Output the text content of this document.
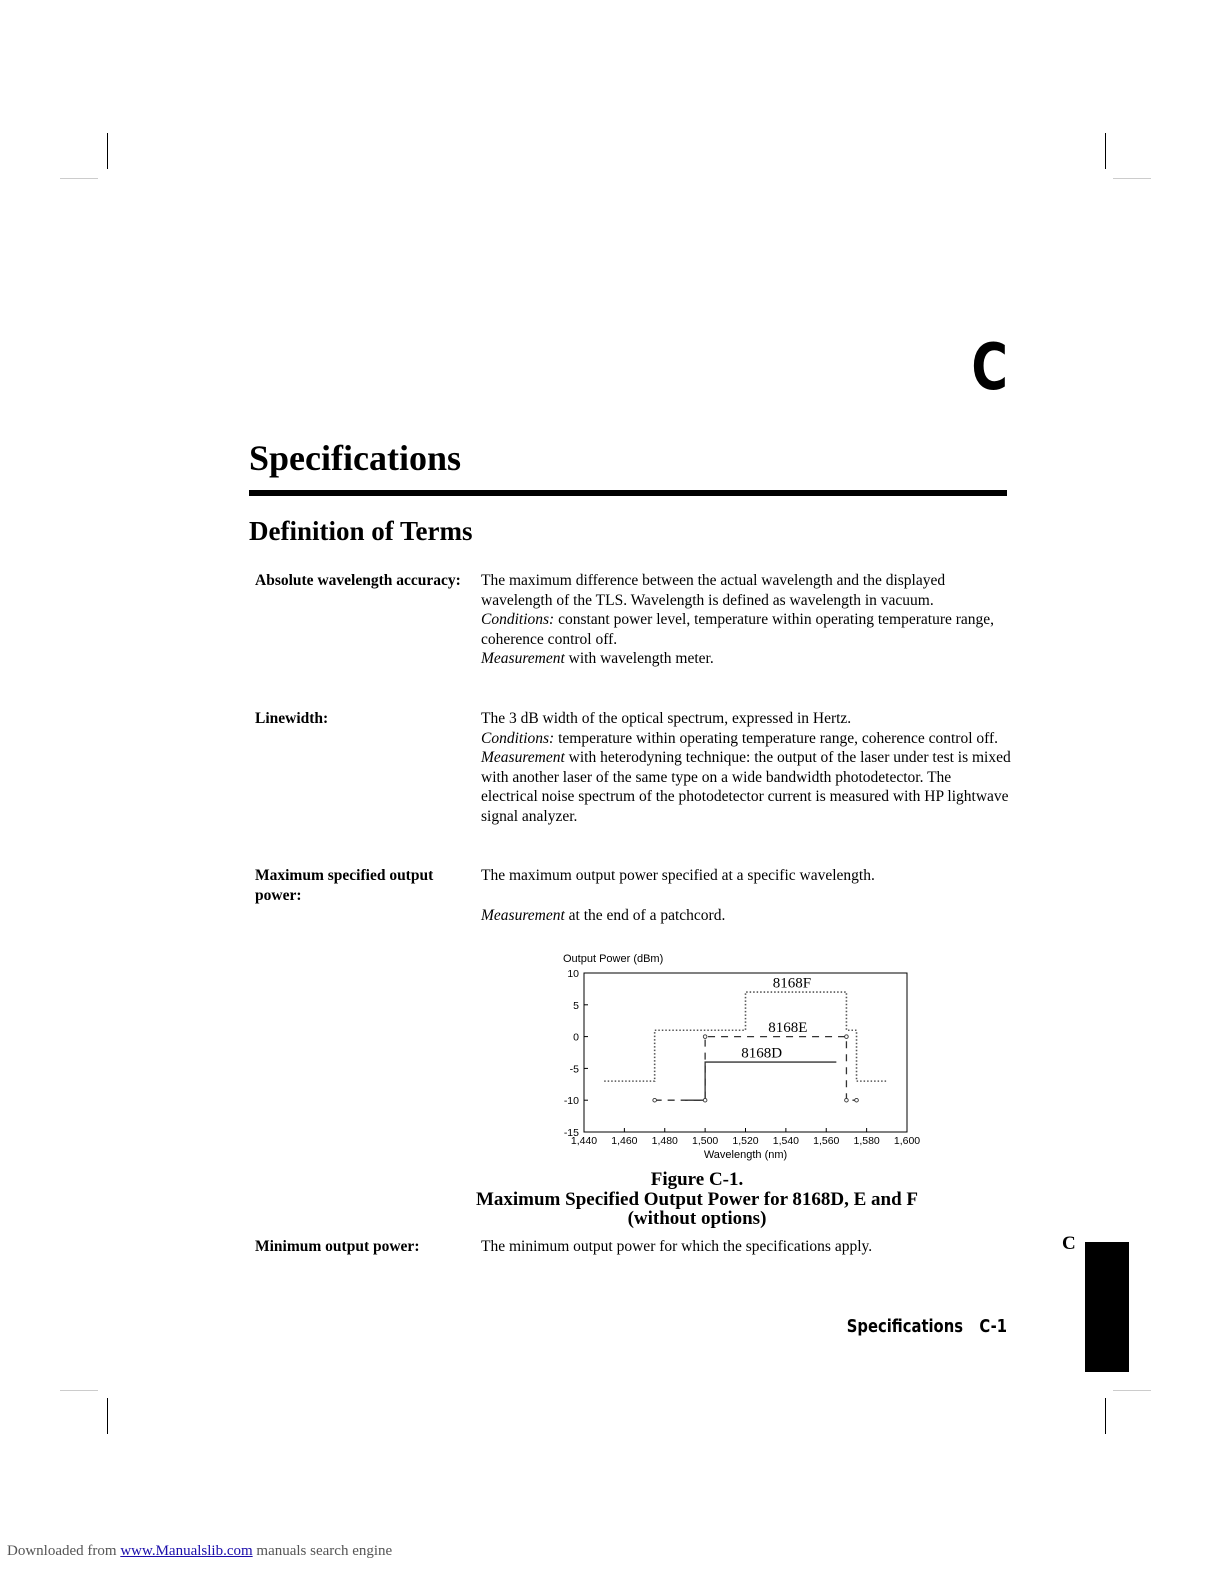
C
Specifications
Definition of Terms
Absolute wavelength accuracy:	The maximum difference between the actual wavelength and the displayed wavelength of the TLS. Wavelength is defined as wavelength in vacuum.

Conditions: constant power level, temperature within operating temperature range, coherence control off.

Measurement with wavelength meter.

Linewidth:	The 3 dB width of the optical spectrum, expressed in Hertz.

Conditions: temperature within operating temperature range, coherence control off.

Measurement with heterodyning technique: the output of the laser under test is mixed with another laser of the same type on a wide bandwidth photodetector. The electrical noise spectrum of the photodetector current is measured with HP lightwave signal analyzer.

Maximum specified output power:

The maximum output power specified at a specific wavelength.

Measurement at the end of a patchcord.

Output Power (dBm)
10
5
0
-5
-10
-15
1,440 1,460 1,480 1,500 1,520 1,540 1,560 1,580 1,600
8168F
8168E
8168D
Wavelength (nm)
Figure C-1.
Maximum Specified Output Power for 8168D, E and F
(without options)
Minimum output power:	The minimum output power for which the specifications apply.	C
Specifications C-1
Downloaded from www.Manualslib.com manuals search engine
